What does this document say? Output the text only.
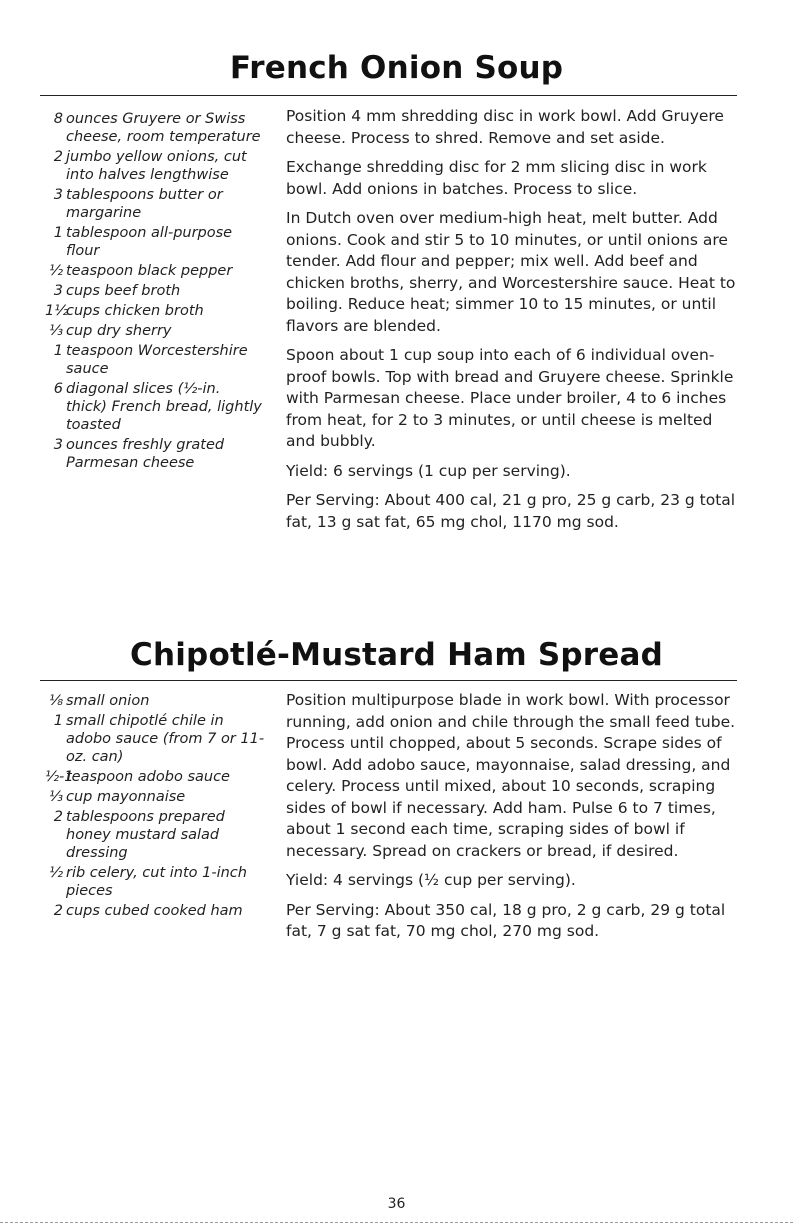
French Onion Soup
8 ounces Gruyere or Swiss cheese, room temperature
2 jumbo yellow onions, cut into halves lengthwise
3 tablespoons butter or margarine
1 tablespoon all-purpose flour
½ teaspoon black pepper
3 cups beef broth
1½
cups chicken broth
⅓ cup dry sherry
1 teaspoon Worcestershire sauce
6 diagonal slices (½-in. thick) French bread, lightly toasted
3 ounces freshly grated Parmesan cheese

Position 4 mm shredding disc in work bowl. Add Gruyere cheese. Process to shred. Remove and set aside.

Exchange shredding disc for 2 mm slicing disc in work bowl. Add onions in batches. Process to slice.

In Dutch oven over medium-high heat, melt butter. Add onions. Cook and stir 5 to 10 minutes, or until onions are tender. Add flour and pepper; mix well. Add beef and chicken broths, sherry, and Worcestershire sauce. Heat to boiling. Reduce heat; simmer 10 to 15 minutes, or until flavors are blended.

Spoon about 1 cup soup into each of 6 individual oven-proof bowls. Top with bread and Gruyere cheese. Sprinkle with Parmesan cheese. Place under broiler, 4 to 6 inches from heat, for 2 to 3 minutes, or until cheese is melted and bubbly.

Yield: 6 servings (1 cup per serving).

Per Serving: About 400 cal, 21 g pro, 25 g carb, 23 g total fat, 13 g sat fat, 65 mg chol, 1170 mg sod.

Chipotlé-Mustard Ham Spread
⅛ small onion
1 small chipotlé chile in adobo sauce (from 7 or 11-oz. can)
½-1
teaspoon adobo sauce
⅓ cup mayonnaise
2 tablespoons prepared honey mustard salad dressing
½ rib celery, cut into 1-inch pieces
2 cups cubed cooked ham

Position multipurpose blade in work bowl. With processor running, add onion and chile through the small feed tube. Process until chopped, about 5 seconds. Scrape sides of bowl. Add adobo sauce, mayonnaise, salad dressing, and celery. Process until mixed, about 10 seconds, scraping sides of bowl if necessary. Add ham. Pulse 6 to 7 times, about 1 second each time, scraping sides of bowl if necessary. Spread on crackers or bread, if desired.

Yield: 4 servings (½ cup per serving).

Per Serving: About 350 cal, 18 g pro, 2 g carb, 29 g total fat, 7 g sat fat, 70 mg chol, 270 mg sod.

36
